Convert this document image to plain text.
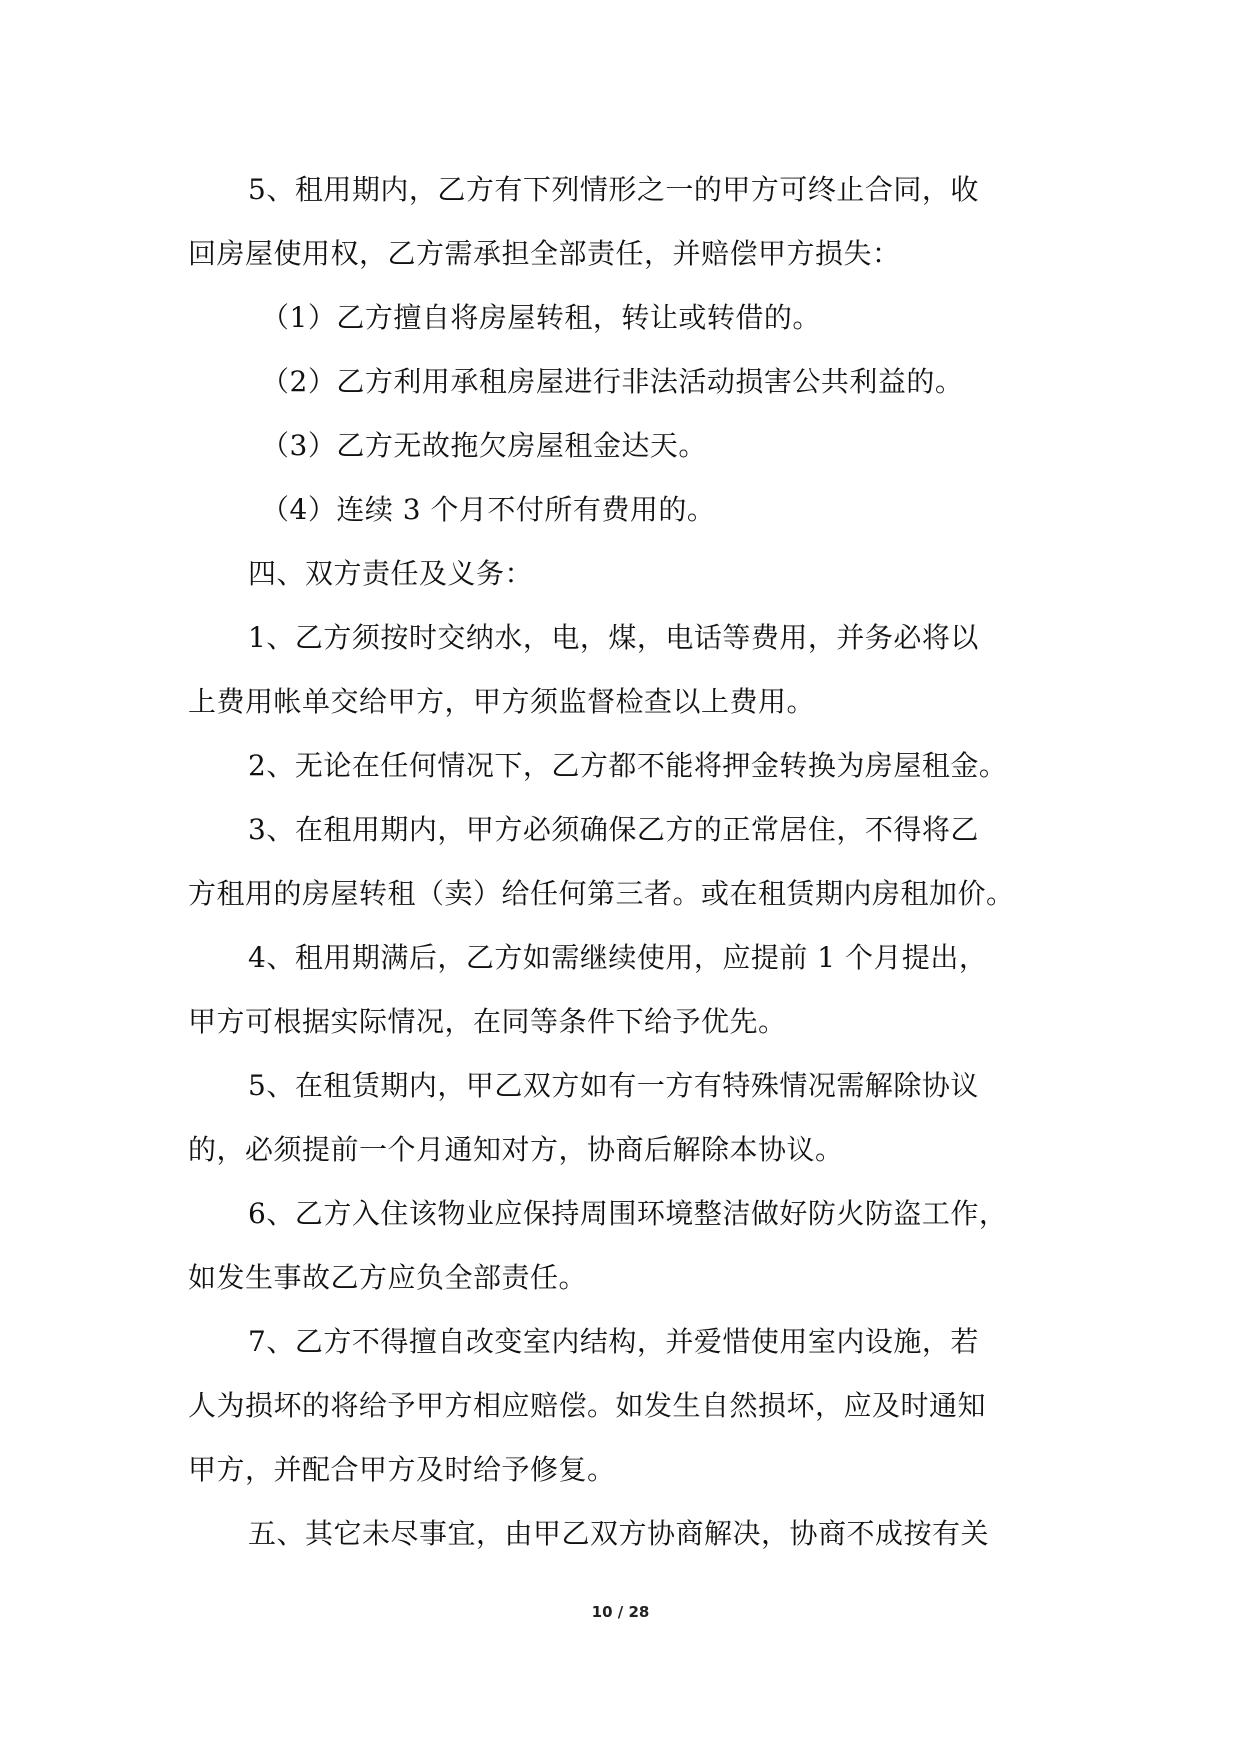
5、租用期内，乙方有下列情形之一的甲方可终止合同，收
回房屋使用权，乙方需承担全部责任，并赔偿甲方损失：
（1）乙方擅自将房屋转租，转让或转借的。
（2）乙方利用承租房屋进行非法活动损害公共利益的。
（3）乙方无故拖欠房屋租金达天。
（4）连续 3 个月不付所有费用的。
四、双方责任及义务：
1、乙方须按时交纳水，电，煤，电话等费用，并务必将以
上费用帐单交给甲方，甲方须监督检查以上费用。
2、无论在任何情况下，乙方都不能将押金转换为房屋租金。
3、在租用期内，甲方必须确保乙方的正常居住，不得将乙
方租用的房屋转租（卖）给任何第三者。或在租赁期内房租加价。
4、租用期满后，乙方如需继续使用，应提前 1 个月提出，
甲方可根据实际情况，在同等条件下给予优先。
5、在租赁期内，甲乙双方如有一方有特殊情况需解除协议
的，必须提前一个月通知对方，协商后解除本协议。
6、乙方入住该物业应保持周围环境整洁做好防火防盗工作，
如发生事故乙方应负全部责任。
7、乙方不得擅自改变室内结构，并爱惜使用室内设施，若
人为损坏的将给予甲方相应赔偿。如发生自然损坏，应及时通知
甲方，并配合甲方及时给予修复。
五、其它未尽事宜，由甲乙双方协商解决，协商不成按有关
10 / 28
